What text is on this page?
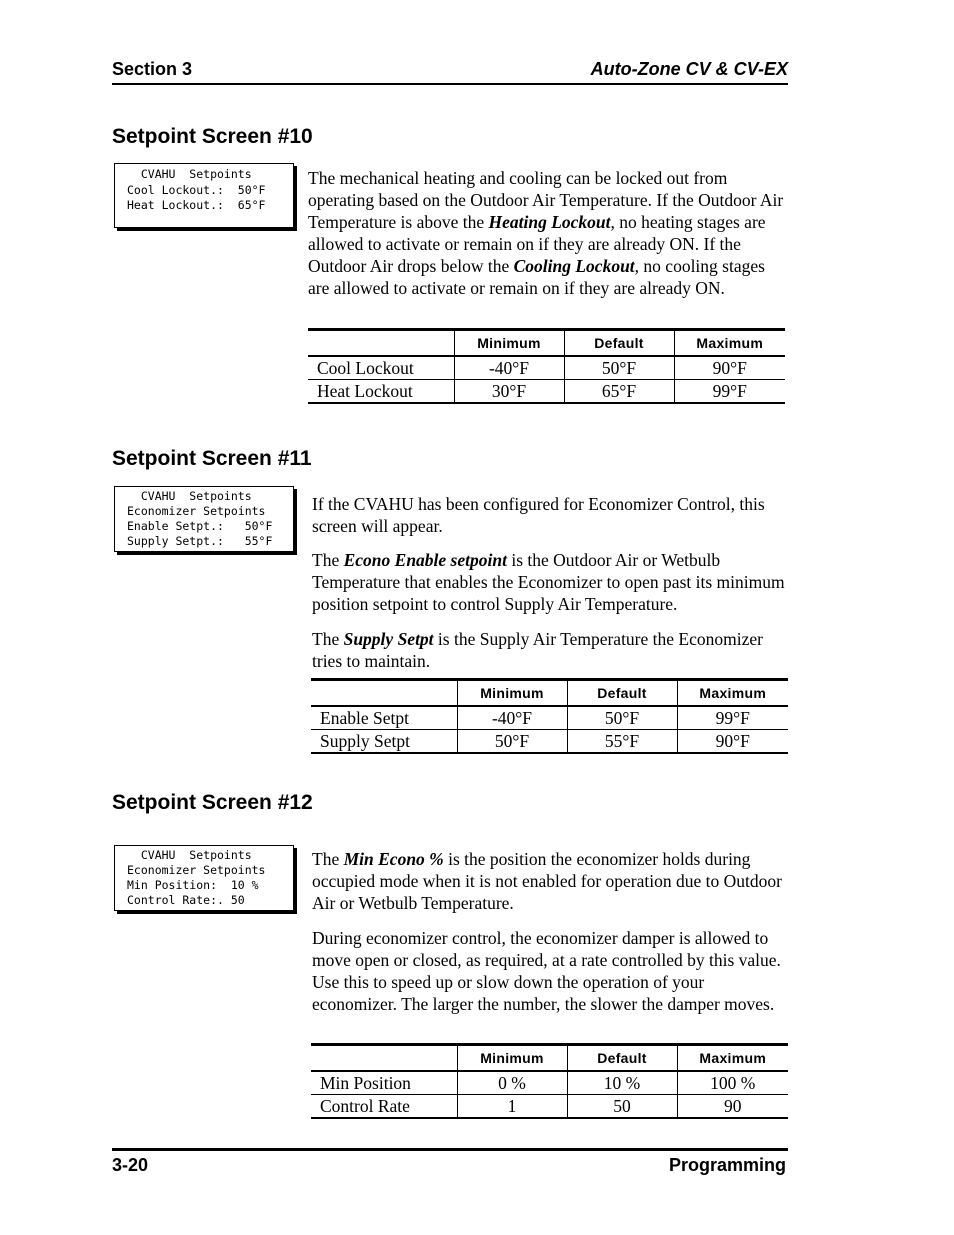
Section 3	Auto-Zone CV & CV-EX
Setpoint Screen #10
CVAHU  Setpoints
Cool Lockout.:  50°F
Heat Lockout.:  65°F

The mechanical heating and cooling can be locked out from operating based on the Outdoor Air Temperature. If the Outdoor Air Temperature is above the Heating Lockout, no heating stages are allowed to activate or remain on if they are already ON. If the Outdoor Air drops below the Cooling Lockout, no cooling stages are allowed to activate or remain on if they are already ON.

	Minimum	Default	Maximum
Cool Lockout	-40°F	50°F	90°F
Heat Lockout	30°F	65°F	99°F
Setpoint Screen #11
CVAHU  Setpoints
Economizer Setpoints
Enable Setpt.:   50°F
Supply Setpt.:   55°F

If the CVAHU has been configured for Economizer Control, this screen will appear.

The Econo Enable setpoint is the Outdoor Air or Wetbulb Temperature that enables the Economizer to open past its minimum position setpoint to control Supply Air Temperature.

The Supply Setpt is the Supply Air Temperature the Economizer tries to maintain.

	Minimum	Default	Maximum
Enable Setpt	-40°F	50°F	99°F
Supply Setpt	50°F	55°F	90°F
Setpoint Screen #12
CVAHU  Setpoints
Economizer Setpoints
Min Position:  10 %
Control Rate:. 50

The Min Econo % is the position the economizer holds during occupied mode when it is not enabled for operation due to Outdoor Air or Wetbulb Temperature.

During economizer control, the economizer damper is allowed to move open or closed, as required, at a rate controlled by this value. Use this to speed up or slow down the operation of your economizer. The larger the number, the slower the damper moves.

	Minimum	Default	Maximum
Min Position	0 %	10 %	100 %
Control Rate	1	50	90
3-20	Programming
